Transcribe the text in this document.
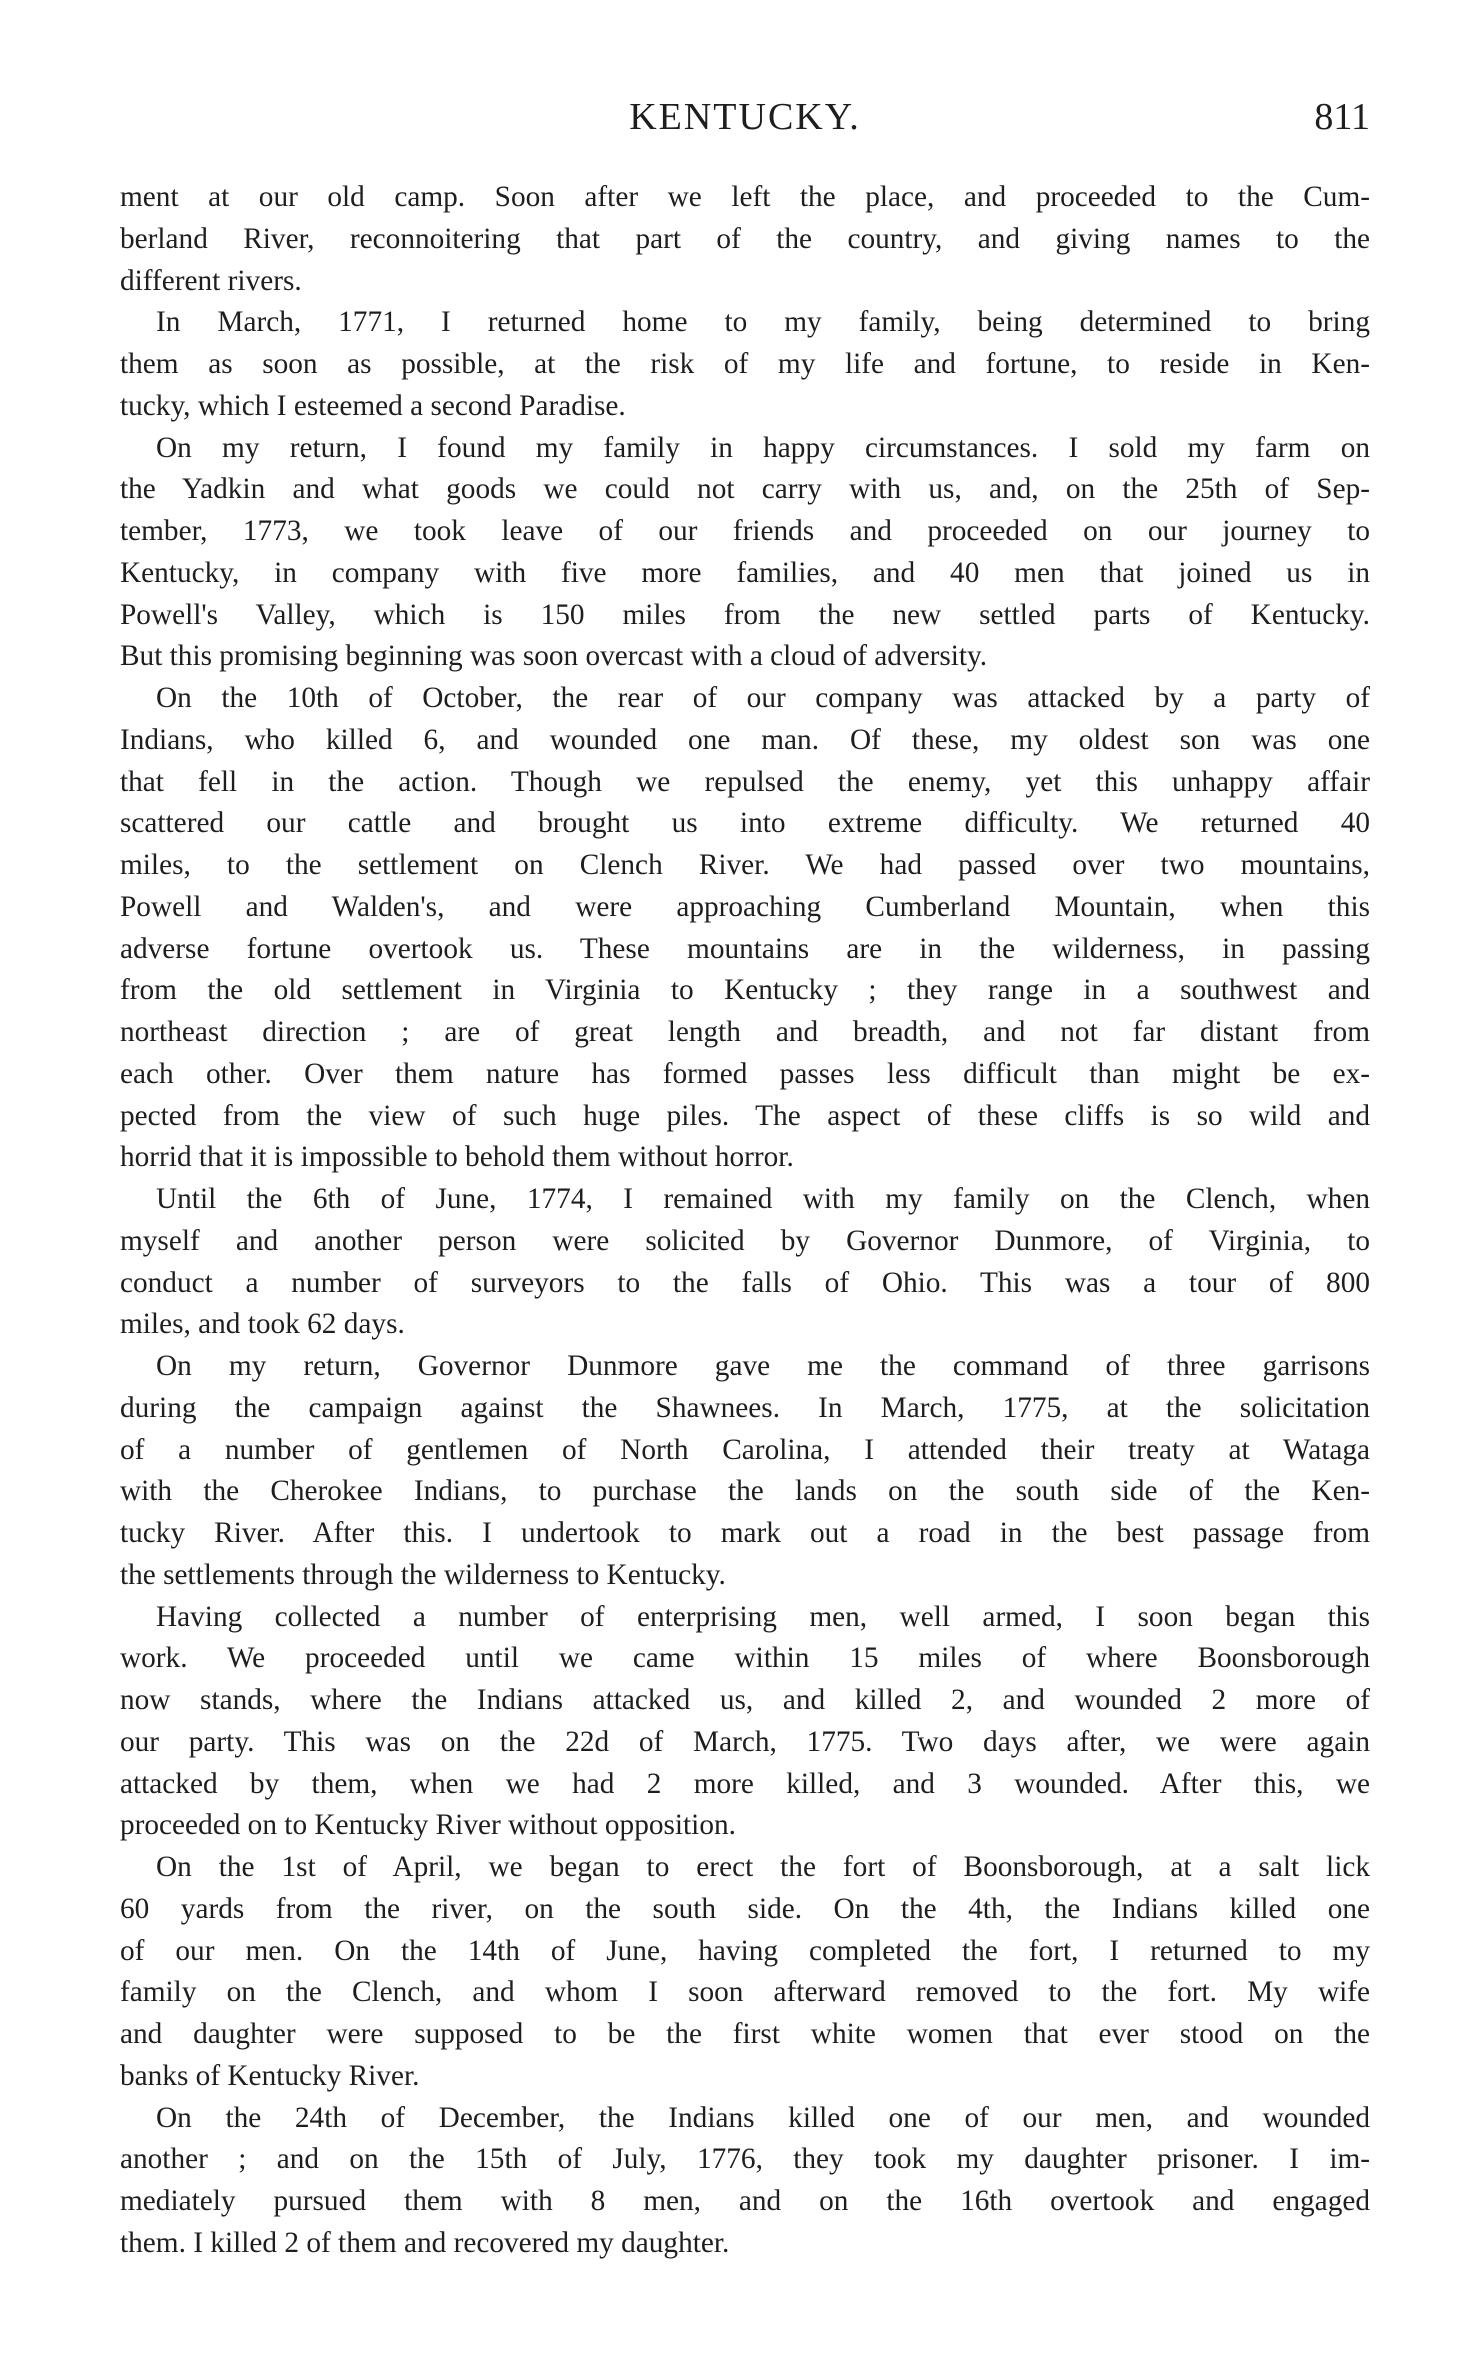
KENTUCKY.	811
ment at our old camp. Soon after we left the place, and proceeded to the Cum-
berland River, reconnoitering that part of the country, and giving names to the
different rivers.
In March, 1771, I returned home to my family, being determined to bring
them as soon as possible, at the risk of my life and fortune, to reside in Ken-
tucky, which I esteemed a second Paradise.
On my return, I found my family in happy circumstances. I sold my farm on
the Yadkin and what goods we could not carry with us, and, on the 25th of Sep-
tember, 1773, we took leave of our friends and proceeded on our journey to
Kentucky, in company with five more families, and 40 men that joined us in
Powell's Valley, which is 150 miles from the new settled parts of Kentucky.
But this promising beginning was soon overcast with a cloud of adversity.
On the 10th of October, the rear of our company was attacked by a party of
Indians, who killed 6, and wounded one man. Of these, my oldest son was one
that fell in the action. Though we repulsed the enemy, yet this unhappy affair
scattered our cattle and brought us into extreme difficulty. We returned 40
miles, to the settlement on Clench River. We had passed over two mountains,
Powell and Walden's, and were approaching Cumberland Mountain, when this
adverse fortune overtook us. These mountains are in the wilderness, in passing
from the old settlement in Virginia to Kentucky ; they range in a southwest and
northeast direction ; are of great length and breadth, and not far distant from
each other. Over them nature has formed passes less difficult than might be ex-
pected from the view of such huge piles. The aspect of these cliffs is so wild and
horrid that it is impossible to behold them without horror.
Until the 6th of June, 1774, I remained with my family on the Clench, when
myself and another person were solicited by Governor Dunmore, of Virginia, to
conduct a number of surveyors to the falls of Ohio. This was a tour of 800
miles, and took 62 days.
On my return, Governor Dunmore gave me the command of three garrisons
during the campaign against the Shawnees. In March, 1775, at the solicitation
of a number of gentlemen of North Carolina, I attended their treaty at Wataga
with the Cherokee Indians, to purchase the lands on the south side of the Ken-
tucky River. After this. I undertook to mark out a road in the best passage from
the settlements through the wilderness to Kentucky.
Having collected a number of enterprising men, well armed, I soon began this
work. We proceeded until we came within 15 miles of where Boonsborough
now stands, where the Indians attacked us, and killed 2, and wounded 2 more of
our party. This was on the 22d of March, 1775. Two days after, we were again
attacked by them, when we had 2 more killed, and 3 wounded. After this, we
proceeded on to Kentucky River without opposition.
On the 1st of April, we began to erect the fort of Boonsborough, at a salt lick
60 yards from the river, on the south side. On the 4th, the Indians killed one
of our men. On the 14th of June, having completed the fort, I returned to my
family on the Clench, and whom I soon afterward removed to the fort. My wife
and daughter were supposed to be the first white women that ever stood on the
banks of Kentucky River.
On the 24th of December, the Indians killed one of our men, and wounded
another ; and on the 15th of July, 1776, they took my daughter prisoner. I im-
mediately pursued them with 8 men, and on the 16th overtook and engaged
them. I killed 2 of them and recovered my daughter.
